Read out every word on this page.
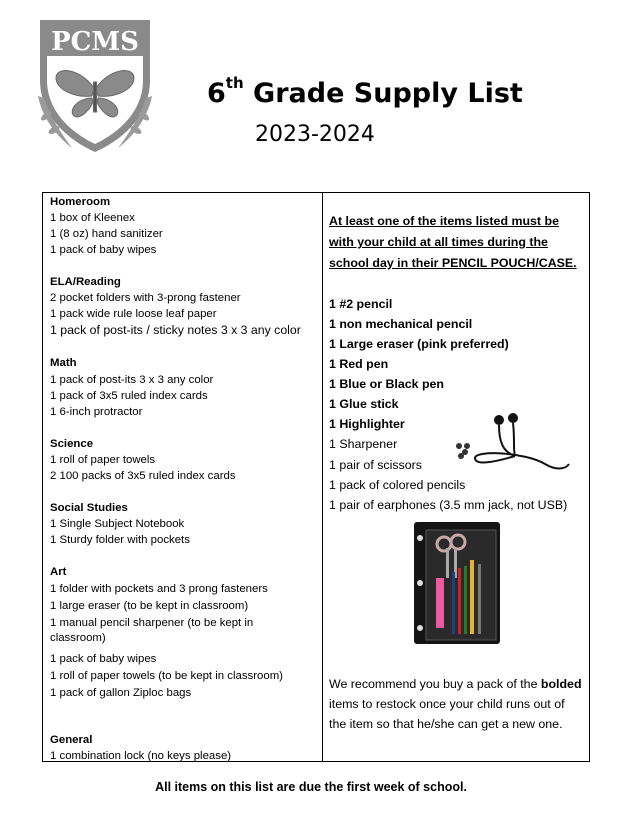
PCMS
6th Grade Supply List
2023-2024
Homeroom
1 box of Kleenex
1 (8 oz) hand sanitizer
1 pack of baby wipes
ELA/Reading
2 pocket folders with 3-prong fastener
1 pack wide rule loose leaf paper
1 pack of post-its / sticky notes 3 x 3 any color
Math
1 pack of post-its 3 x 3 any color
1 pack of 3x5 ruled index cards
1 6-inch protractor
Science
1 roll of paper towels
2 100 packs of 3x5 ruled index cards
Social Studies
1 Single Subject Notebook
1 Sturdy folder with pockets
Art
1 folder with pockets and 3 prong fasteners
1 large eraser (to be kept in classroom)
1 manual pencil sharpener (to be kept in classroom)
1 pack of baby wipes
1 roll of paper towels (to be kept in classroom)
1 pack of gallon Ziploc bags
General
1 combination lock (no keys please)
At least one of the items listed must be with your child at all times during the school day in their PENCIL POUCH/CASE.
1 #2 pencil
1 non mechanical pencil
1 Large eraser (pink preferred)
1 Red pen
1 Blue or Black pen
1 Glue stick
1 Highlighter
1 Sharpener
1 pair of scissors
1 pack of colored pencils
1 pair of earphones (3.5 mm jack, not USB)
We recommend you buy a pack of the bolded items to restock once your child runs out of the item so that he/she can get a new one.
All items on this list are due the first week of school.
